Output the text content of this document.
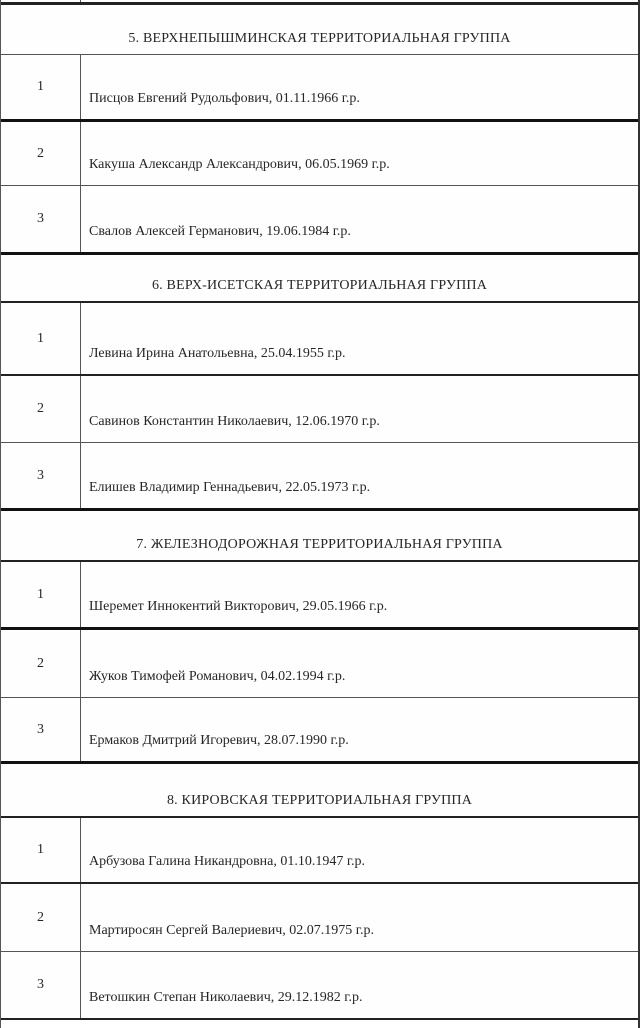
5. ВЕРХНЕПЫШМИНСКАЯ ТЕРРИТОРИАЛЬНАЯ ГРУППА
1
Писцов Евгений Рудольфович, 01.11.1966 г.р.
2
Какуша Александр Александрович, 06.05.1969 г.р.
3
Свалов Алексей Германович, 19.06.1984 г.р.
6. ВЕРХ-ИСЕТСКАЯ ТЕРРИТОРИАЛЬНАЯ ГРУППА
1
Левина Ирина Анатольевна, 25.04.1955 г.р.
2
Савинов Константин Николаевич, 12.06.1970 г.р.
3
Елишев Владимир Геннадьевич, 22.05.1973 г.р.
7. ЖЕЛЕЗНОДОРОЖНАЯ ТЕРРИТОРИАЛЬНАЯ ГРУППА
1
Шеремет Иннокентий Викторович, 29.05.1966 г.р.
2
Жуков Тимофей Романович, 04.02.1994 г.р.
3
Ермаков Дмитрий Игоревич, 28.07.1990 г.р.
8. КИРОВСКАЯ ТЕРРИТОРИАЛЬНАЯ ГРУППА
1
Арбузова Галина Никандровна, 01.10.1947 г.р.
2
Мартиросян Сергей Валериевич, 02.07.1975 г.р.
3
Ветошкин Степан Николаевич, 29.12.1982 г.р.
